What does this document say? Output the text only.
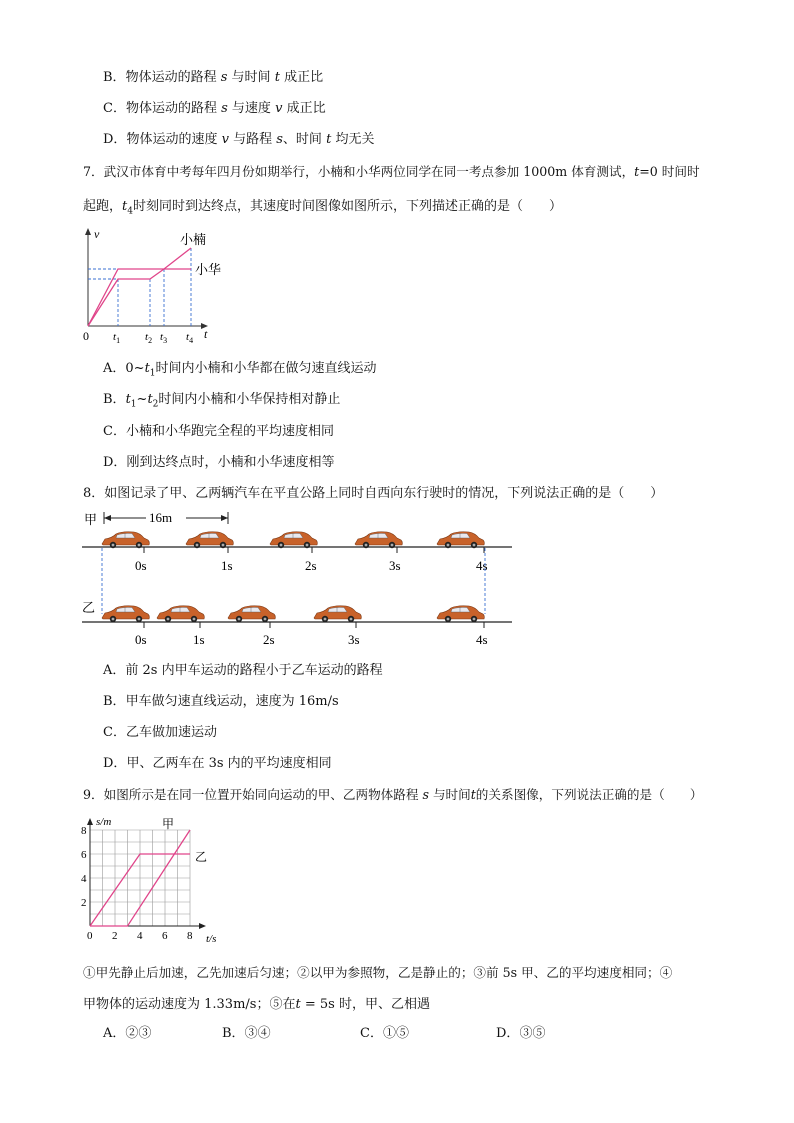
B．物体运动的路程 s 与时间 t 成正比
C．物体运动的路程 s 与速度 v 成正比
D．物体运动的速度 v 与路程 s、时间 t 均无关
7．武汉市体育中考每年四月份如期举行，小楠和小华两位同学在同一考点参加 1000m 体育测试，t=0 时间时
起跑，$t_4$时刻同时到达终点，其速度时间图像如图所示，下列描述正确的是（　　）
v
t
0
小楠
小华
$t_1$ $t_2$ $t_3$ $t_4$
A．$0\sim t_1$时间内小楠和小华都在做匀速直线运动
B．$t_1\sim t_2$时间内小楠和小华保持相对静止
C．小楠和小华跑完全程的平均速度相同
D．刚到达终点时，小楠和小华速度相等
8．如图记录了甲、乙两辆汽车在平直公路上同时自西向东行驶时的情况，下列说法正确的是（　　）
甲	16m
0s	1s	2s	3s	4s
乙
0s	1s	2s	3s	4s
A．前 2s 内甲车运动的路程小于乙车运动的路程
B．甲车做匀速直线运动，速度为 16m/s
C．乙车做加速运动
D．甲、乙两车在 3s 内的平均速度相同
9．如图所示是在同一位置开始同向运动的甲、乙两物体路程 s 与时间t的关系图像，下列说法正确的是（　　）
s/m
t/s
甲
乙
0 2 4 6 8
2
4
6
8
①甲先静止后加速，乙先加速后匀速；②以甲为参照物，乙是静止的；③前 5s 甲、乙的平均速度相同；④
甲物体的运动速度为 1.33m/s；⑤在t = 5s 时，甲、乙相遇
A．②③	B．③④	C．①⑤	D．③⑤
